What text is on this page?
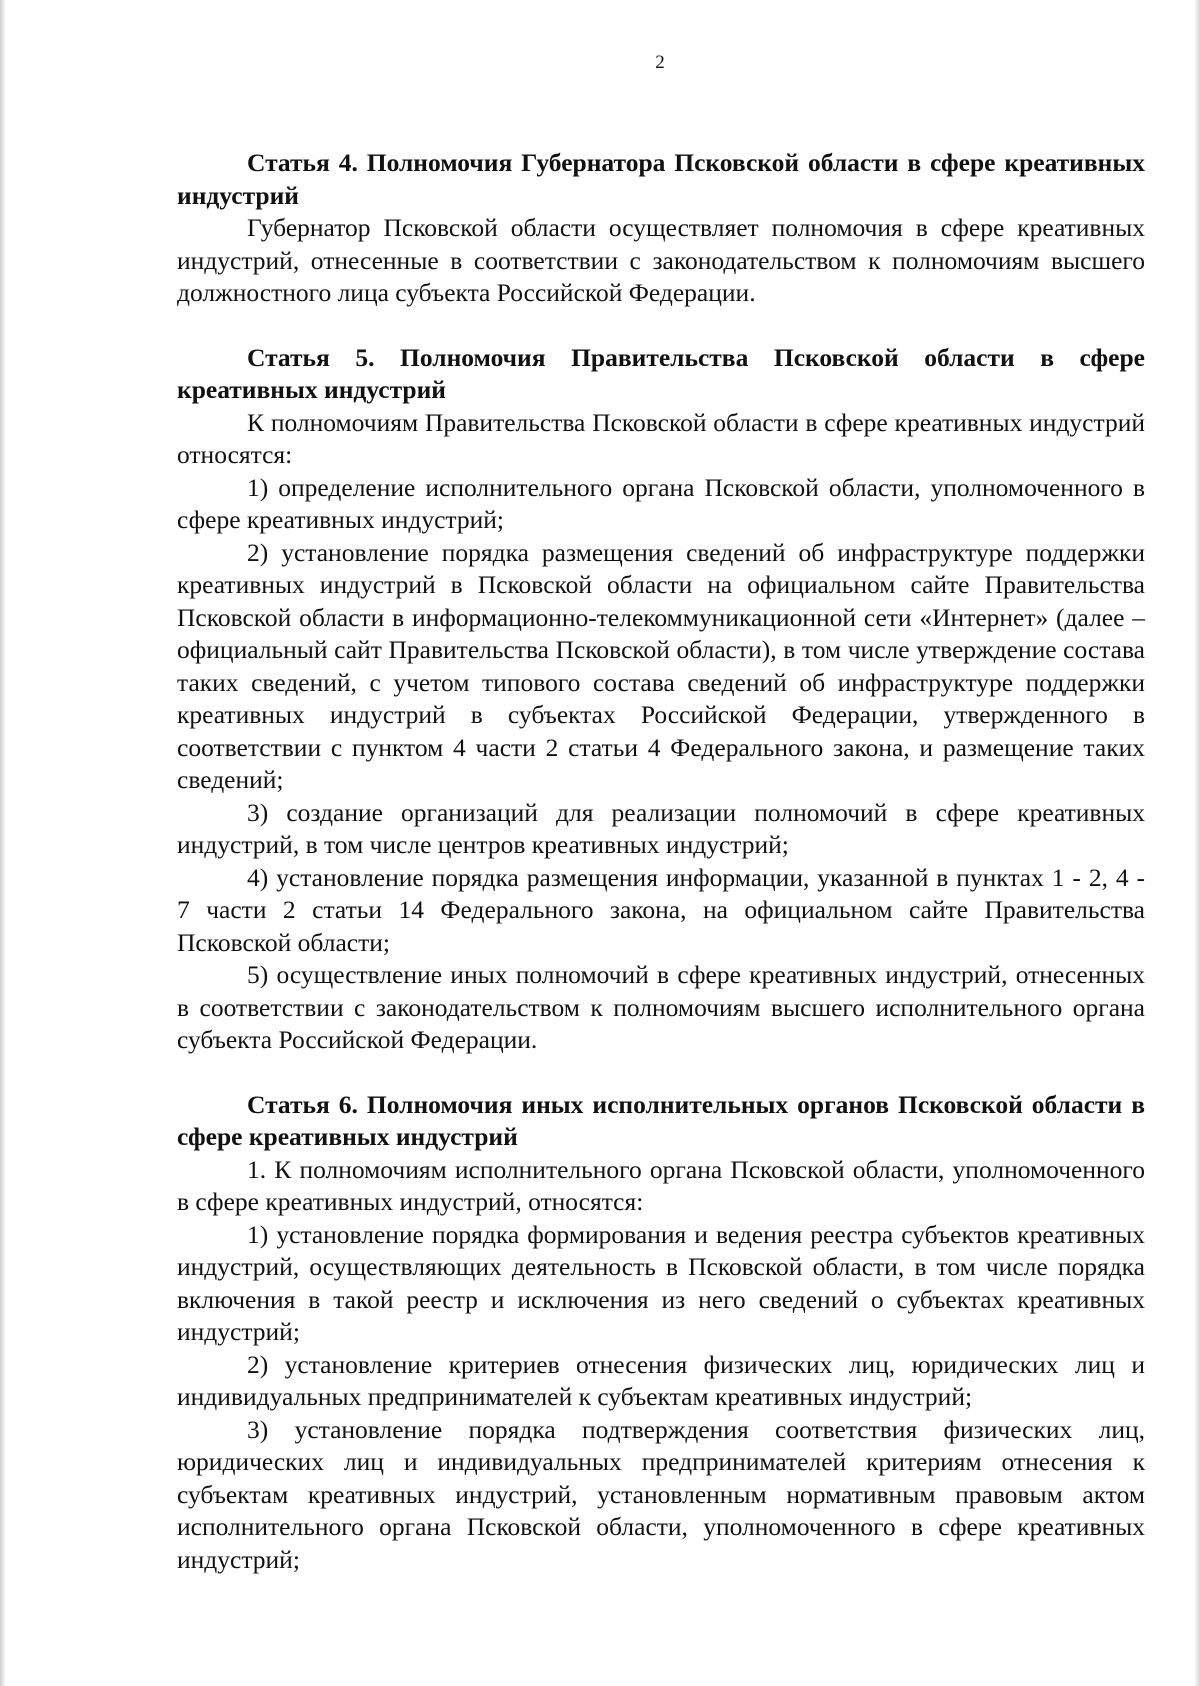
2

Статья 4. Полномочия Губернатора Псковской области в сфере креативных индустрий

Губернатор Псковской области осуществляет полномочия в сфере креативных индустрий, отнесенные в соответствии с законодательством к полномочиям высшего должностного лица субъекта Российской Федерации.

Статья 5. Полномочия Правительства Псковской области в сфере креативных индустрий

К полномочиям Правительства Псковской области в сфере креативных индустрий относятся:

1) определение исполнительного органа Псковской области, уполномоченного в сфере креативных индустрий;

2) установление порядка размещения сведений об инфраструктуре поддержки креативных индустрий в Псковской области на официальном сайте Правительства Псковской области в информационно-телекоммуникационной сети «Интернет» (далее – официальный сайт Правительства Псковской области), в том числе утверждение состава таких сведений, с учетом типового состава сведений об инфраструктуре поддержки креативных индустрий в субъектах Российской Федерации, утвержденного в соответствии с пунктом 4 части 2 статьи 4 Федерального закона, и размещение таких сведений;

3) создание организаций для реализации полномочий в сфере креативных индустрий, в том числе центров креативных индустрий;

4) установление порядка размещения информации, указанной в пунктах 1 - 2, 4 - 7 части 2 статьи 14 Федерального закона, на официальном сайте Правительства Псковской области;

5) осуществление иных полномочий в сфере креативных индустрий, отнесенных в соответствии с законодательством к полномочиям высшего исполнительного органа субъекта Российской Федерации.

Статья 6. Полномочия иных исполнительных органов Псковской области в сфере креативных индустрий

1. К полномочиям исполнительного органа Псковской области, уполномоченного в сфере креативных индустрий, относятся:

1) установление порядка формирования и ведения реестра субъектов креативных индустрий, осуществляющих деятельность в Псковской области, в том числе порядка включения в такой реестр и исключения из него сведений о субъектах креативных индустрий;

2) установление критериев отнесения физических лиц, юридических лиц и индивидуальных предпринимателей к субъектам креативных индустрий;

3) установление порядка подтверждения соответствия физических лиц, юридических лиц и индивидуальных предпринимателей критериям отнесения к субъектам креативных индустрий, установленным нормативным правовым актом исполнительного органа Псковской области, уполномоченного в сфере креативных индустрий;
